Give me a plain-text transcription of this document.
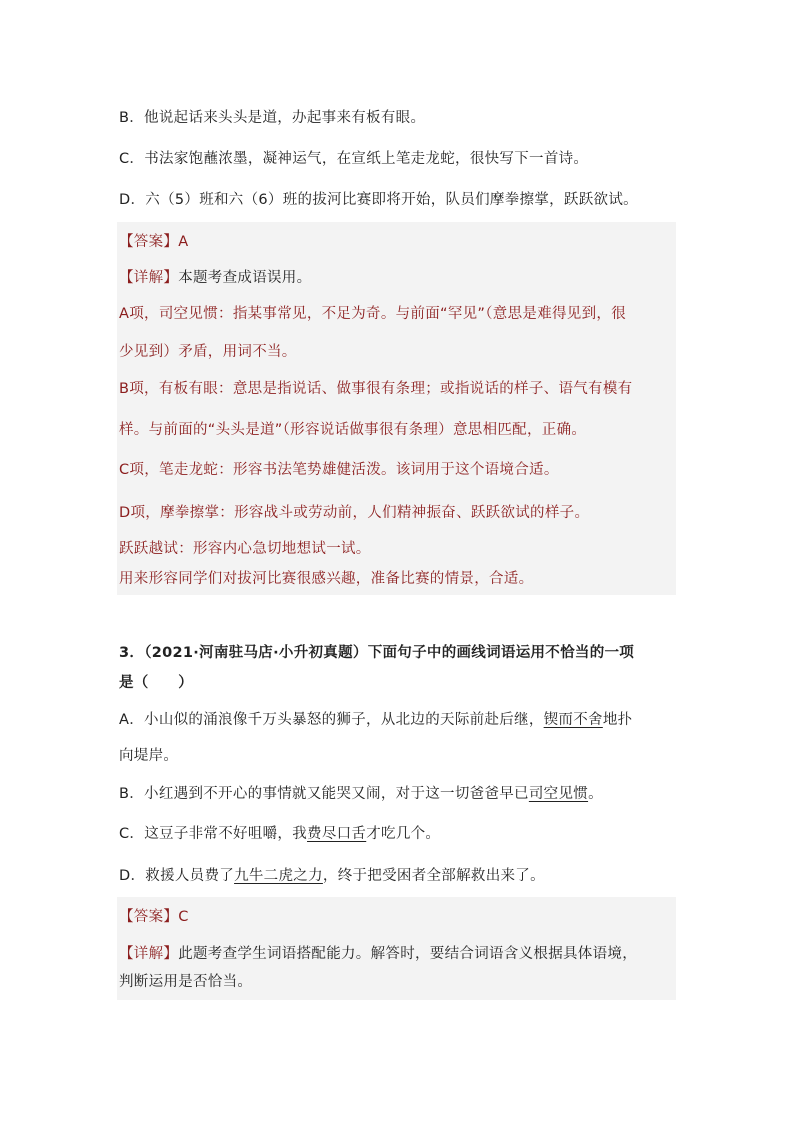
B．他说起话来头头是道，办起事来有板有眼。
C．书法家饱蘸浓墨，凝神运气，在宣纸上笔走龙蛇，很快写下一首诗。
D．六（5）班和六（6）班的拔河比赛即将开始，队员们摩拳擦掌，跃跃欲试。
【答案】A
【详解】本题考查成语误用。
A项，司空见惯：指某事常见，不足为奇。与前面“罕见”（意思是难得见到，很
少见到）矛盾，用词不当。
B项，有板有眼：意思是指说话、做事很有条理；或指说话的样子、语气有模有
样。与前面的“头头是道”（形容说话做事很有条理）意思相匹配，正确。
C项，笔走龙蛇：形容书法笔势雄健活泼。该词用于这个语境合适。
D项，摩拳擦掌：形容战斗或劳动前，人们精神振奋、跃跃欲试的样子。
跃跃越试：形容内心急切地想试一试。
用来形容同学们对拔河比赛很感兴趣，准备比赛的情景，合适。
3．（2021·河南驻马店·小升初真题）下面句子中的画线词语运用不恰当的一项
是（　　）
A．小山似的涌浪像千万头暴怒的狮子，从北边的天际前赴后继，锲而不舍地扑
向堤岸。
B．小红遇到不开心的事情就又能哭又闹，对于这一切爸爸早已司空见惯。
C．这豆子非常不好咀嚼，我费尽口舌才吃几个。
D．救援人员费了九牛二虎之力，终于把受困者全部解救出来了。
【答案】C
【详解】此题考查学生词语搭配能力。解答时，要结合词语含义根据具体语境，
判断运用是否恰当。
